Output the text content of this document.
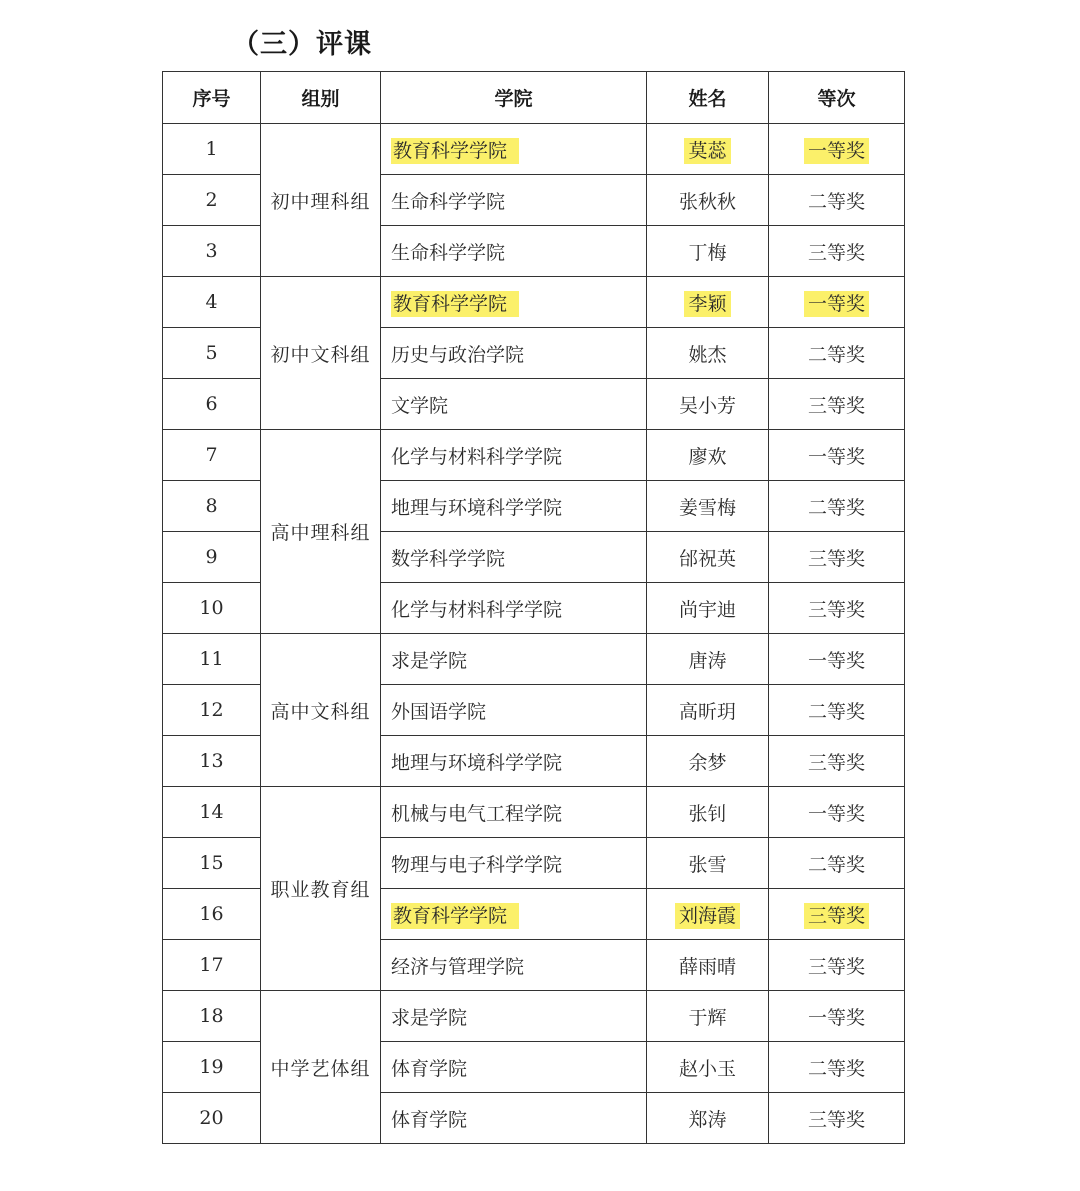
（三）评课
序号	组别	学院	姓名	等次
1	初中理科组	教育科学学院	莫蕊	一等奖
2		生命科学学院	张秋秋	二等奖
3		生命科学学院	丁梅	三等奖
4	初中文科组	教育科学学院	李颖	一等奖
5		历史与政治学院	姚杰	二等奖
6		文学院	吴小芳	三等奖
7	高中理科组	化学与材料科学学院	廖欢	一等奖
8		地理与环境科学学院	姜雪梅	二等奖
9		数学科学学院	邰祝英	三等奖
10		化学与材料科学学院	尚宇迪	三等奖
11	高中文科组	求是学院	唐涛	一等奖
12		外国语学院	高昕玥	二等奖
13		地理与环境科学学院	余梦	三等奖
14	职业教育组	机械与电气工程学院	张钊	一等奖
15		物理与电子科学学院	张雪	二等奖
16		教育科学学院	刘海霞	三等奖
17		经济与管理学院	薛雨晴	三等奖
18	中学艺体组	求是学院	于辉	一等奖
19		体育学院	赵小玉	二等奖
20		体育学院	郑涛	三等奖
